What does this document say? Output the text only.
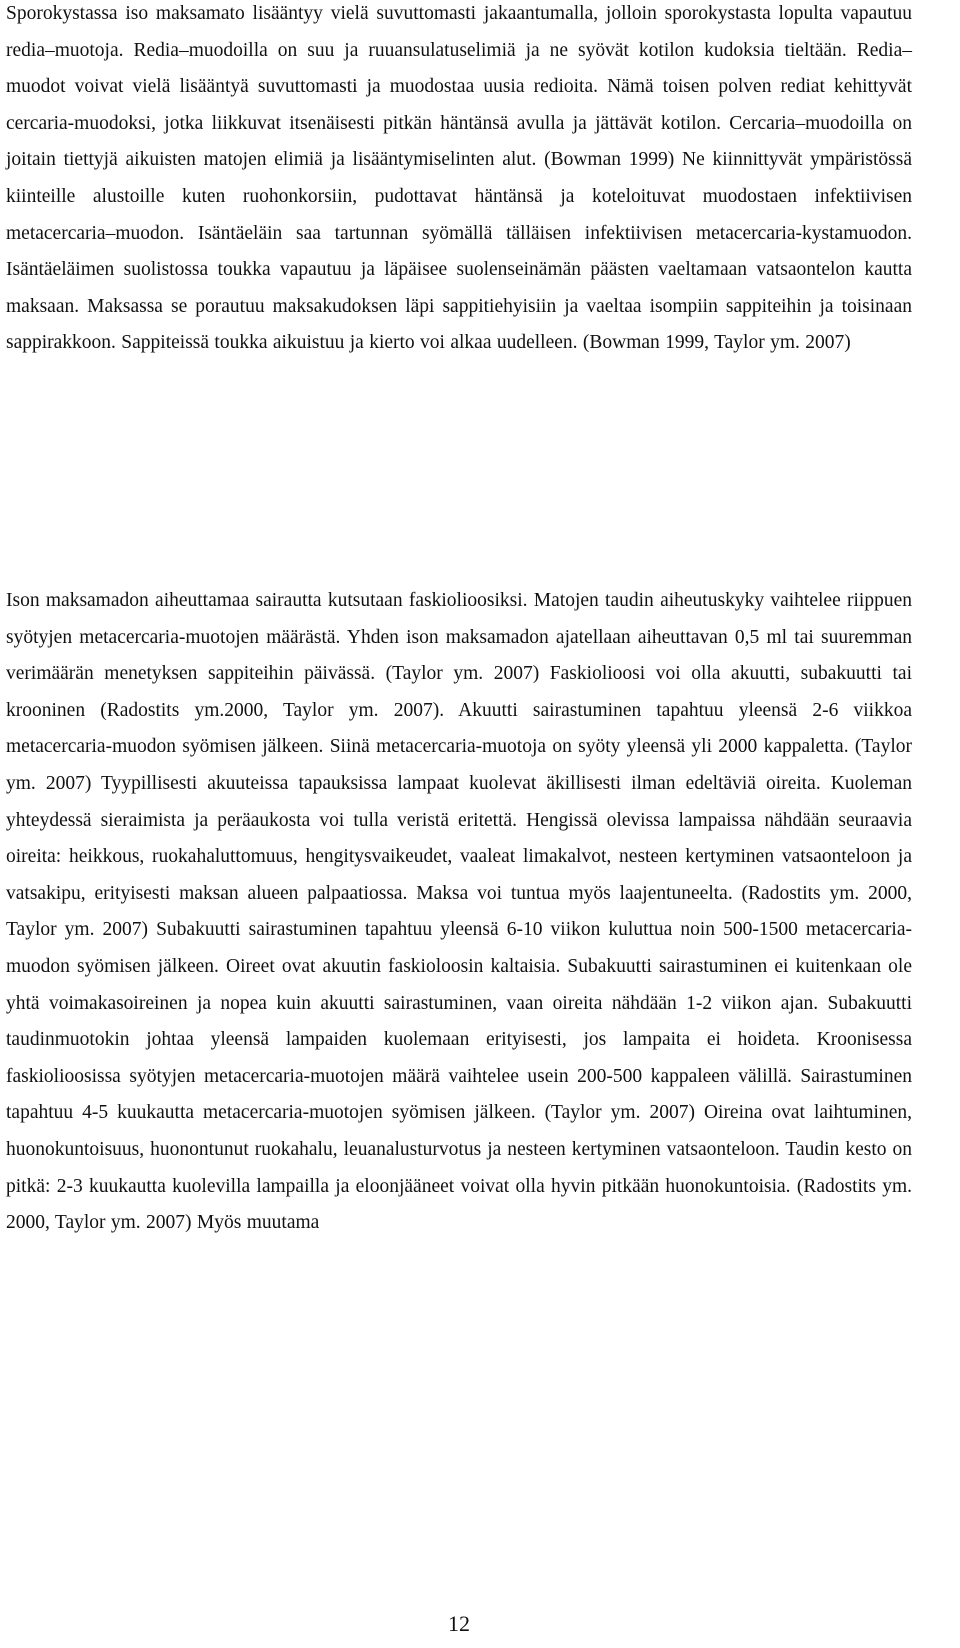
Sporokystassa iso maksamato lisääntyy vielä suvuttomasti jakaantumalla, jolloin sporokystasta lopulta vapautuu redia–muotoja. Redia–muodoilla on suu ja ruuansulatuselimiä ja ne syövät kotilon kudoksia tieltään. Redia–muodot voivat vielä lisääntyä suvuttomasti ja muodostaa uusia redioita. Nämä toisen polven rediat kehittyvät cercaria-muodoksi, jotka liikkuvat itsenäisesti pitkän häntänsä avulla ja jättävät kotilon. Cercaria–muodoilla on joitain tiettyjä aikuisten matojen elimiä ja lisääntymiselinten alut. (Bowman 1999) Ne kiinnittyvät ympäristössä kiinteille alustoille kuten ruohonkorsiin, pudottavat häntänsä ja koteloituvat muodostaen infektiivisen metacercaria–muodon. Isäntäeläin saa tartunnan syömällä tälläisen infektiivisen metacercaria-kystamuodon. Isäntäeläimen suolistossa toukka vapautuu ja läpäisee suolenseinämän päästen vaeltamaan vatsaontelon kautta maksaan. Maksassa se porautuu maksakudoksen läpi sappitiehyisiin ja vaeltaa isompiin sappiteihin ja toisinaan sappirakkoon. Sappiteissä toukka aikuistuu ja kierto voi alkaa uudelleen. (Bowman 1999, Taylor ym. 2007)

Ison maksamadon aiheuttamaa sairautta kutsutaan faskiolioosiksi. Matojen taudin aiheutuskyky vaihtelee riippuen syötyjen metacercaria-muotojen määrästä. Yhden ison maksamadon ajatellaan aiheuttavan 0,5 ml tai suuremman verimäärän menetyksen sappiteihin päivässä. (Taylor ym. 2007) Faskiolioosi voi olla akuutti, subakuutti tai krooninen (Radostits ym.2000, Taylor ym. 2007). Akuutti sairastuminen tapahtuu yleensä 2-6 viikkoa metacercaria-muodon syömisen jälkeen. Siinä metacercaria-muotoja on syöty yleensä yli 2000 kappaletta. (Taylor ym. 2007) Tyypillisesti akuuteissa tapauksissa lampaat kuolevat äkillisesti ilman edeltäviä oireita. Kuoleman yhteydessä sieraimista ja peräaukosta voi tulla veristä eritettä. Hengissä olevissa lampaissa nähdään seuraavia oireita: heikkous, ruokahaluttomuus, hengitysvaikeudet, vaaleat limakalvot, nesteen kertyminen vatsaonteloon ja vatsakipu, erityisesti maksan alueen palpaatiossa. Maksa voi tuntua myös laajentuneelta. (Radostits ym. 2000, Taylor ym. 2007) Subakuutti sairastuminen tapahtuu yleensä 6-10 viikon kuluttua noin 500-1500 metacercaria-muodon syömisen jälkeen. Oireet ovat akuutin faskioloosin kaltaisia. Subakuutti sairastuminen ei kuitenkaan ole yhtä voimakasoireinen ja nopea kuin akuutti sairastuminen, vaan oireita nähdään 1-2 viikon ajan. Subakuutti taudinmuotokin johtaa yleensä lampaiden kuolemaan erityisesti, jos lampaita ei hoideta. Kroonisessa faskiolioosissa syötyjen metacercaria-muotojen määrä vaihtelee usein 200-500 kappaleen välillä. Sairastuminen tapahtuu 4-5 kuukautta metacercaria-muotojen syömisen jälkeen. (Taylor ym. 2007) Oireina ovat laihtuminen, huonokuntoisuus, huonontunut ruokahalu, leuanalusturvotus ja nesteen kertyminen vatsaonteloon. Taudin kesto on pitkä: 2-3 kuukautta kuolevilla lampailla ja eloonjääneet voivat olla hyvin pitkään huonokuntoisia. (Radostits ym. 2000, Taylor ym. 2007) Myös muutama

12
